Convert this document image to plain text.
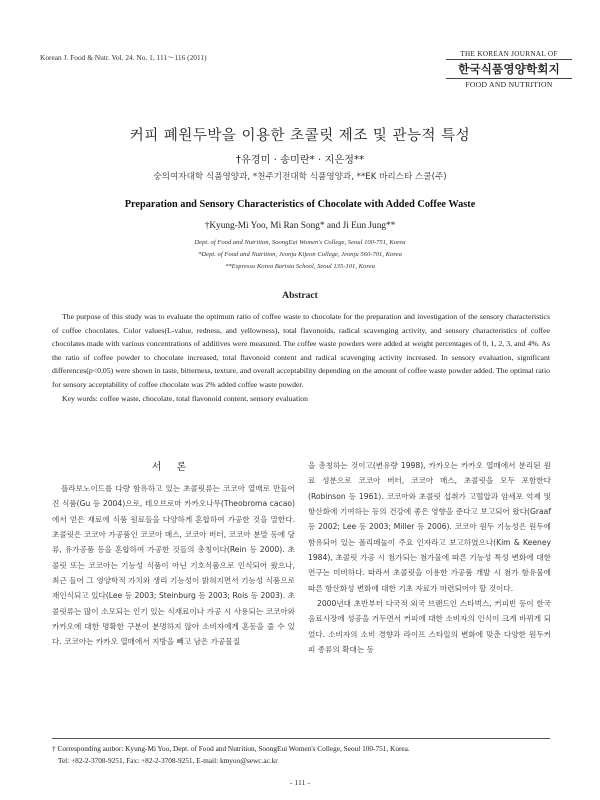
Korean J. Food & Nutr. Vol. 24. No. 1, 111～116 (2011)	THE KOREAN JOURNAL OF
한국식품영양학회지
FOOD AND NUTRITION
커피 폐원두박을 이용한 초콜릿 제조 및 관능적 특성
†유경미 · 송미란* · 지은정**
숭의여자대학 식품영양과, *천주기전대학 식품영양과, **EK 바리스타 스쿨(주)
Preparation and Sensory Characteristics of Chocolate with Added Coffee Waste
†Kyung-Mi Yoo, Mi Ran Song* and Ji Eun Jung**
Dept. of Food and Nutrition, SoongEui Women's College, Seoul 100-751, Korea
*Dept. of Food and Nutrition, Jeonju Kijeon College, Jeonju 560-701, Korea
**Espresso Korea Barista School, Seoul 135-101, Korea
Abstract

The purpose of this study was to evaluate the optimum ratio of coffee waste to chocolate for the preparation and investigation of the sensory characteristics of coffee chocolates. Color values(L-value, redness, and yellowness), total flavonoids, radical scavenging activity, and sensory characteristics of coffee chocolates made with various concentrations of additives were measured. The coffee waste powders were added at weight percentages of 0, 1, 2, 3, and 4%. As the ratio of coffee powder to chocolate increased, total flavonoid content and radical scavenging activity increased. In sensory evaluation, significant differences(p<0.05) were shown in taste, bitterness, texture, and overall acceptability depending on the amount of coffee waste powder added. The optimal ratio for sensory acceptability of coffee chocolate was 2% added coffee waste powder.

Key words: coffee waste, chocolate, total flavonoid content, sensory evaluation

서 론

플라보노이드를 다량 함유하고 있는 초콜릿류는 코코아 열매로 만들어진 식품(Gu 등 2004)으로, 테오브로마 카카오나무(Theobroma cacao)에서 얻은 재료에 식품 원료들을 다양하게 혼합하여 가공한 것을 말한다. 초콜릿은 코코아 가공품인 코코아 매스, 코코아 버터, 코코아 분말 등에 당류, 유가공품 등을 혼합하여 가공한 것들의 총칭이다(Rein 등 2000). 초콜릿 또는 코코아는 기능성 식품이 아닌 기호식품으로 인식되어 왔으나, 최근 들어 그 영양학적 가치와 생리 기능성이 밝혀지면서 기능성 식품으로 재인식되고 있다(Lee 등 2003; Steinburg 등 2003; Rois 등 2003). 초콜릿류는 많이 소모되는 인기 있는 식재료이나 가공 시 사용되는 코코아와 카카오에 대한 명확한 구분이 분명하지 않아 소비자에게 혼동을 줄 수 있다. 코코아는 카카오 열매에서 지방을 빼고 남은 가공물질

을 총칭하는 것이고(변유량 1998), 카카오는 카카오 열매에서 분리된 원료 성분으로 코코아 버터, 코코아 매스, 초콜릿을 모두 포함한다(Robinson 등 1961). 코코아와 초콜릿 섭취가 고혈압과 암세포 억제 및 항산화에 기여하는 등의 건강에 좋은 영향을 준다고 보고되어 왔다(Graaf 등 2002; Lee 등 2003; Miller 등 2006). 코코아 원두 기능성은 원두에 함유되어 있는 폴리페놀이 주요 인자라고 보고하였으나(Kim & Keeney 1984), 초콜릿 가공 시 첨가되는 첨가물에 따른 기능성 특성 변화에 대한 연구는 미비하다. 따라서 초콜릿을 이용한 가공품 개발 시 첨가 함유물에 따른 항산화성 변화에 대한 기초 자료가 마련되어야 할 것이다.

2000년대 초반부터 다국적 외국 브랜드인 스타벅스, 커피빈 등이 한국 음료시장에 성공을 거두면서 커피에 대한 소비자의 인식이 크게 바뀌게 되었다. 소비자의 소비 경향과 라이프 스타일의 변화에 맞춘 다양한 원두커피 종류의 확대는 동

† Corresponding author: Kyung-Mi Yoo, Dept. of Food and Nutrition, SoongEui Women's College, Seoul 100-751, Korea.
Tel: +82-2-3708-9251, Fax: +82-2-3708-9251, E-mail: kmyoo@sewc.ac.kr
- 111 -
